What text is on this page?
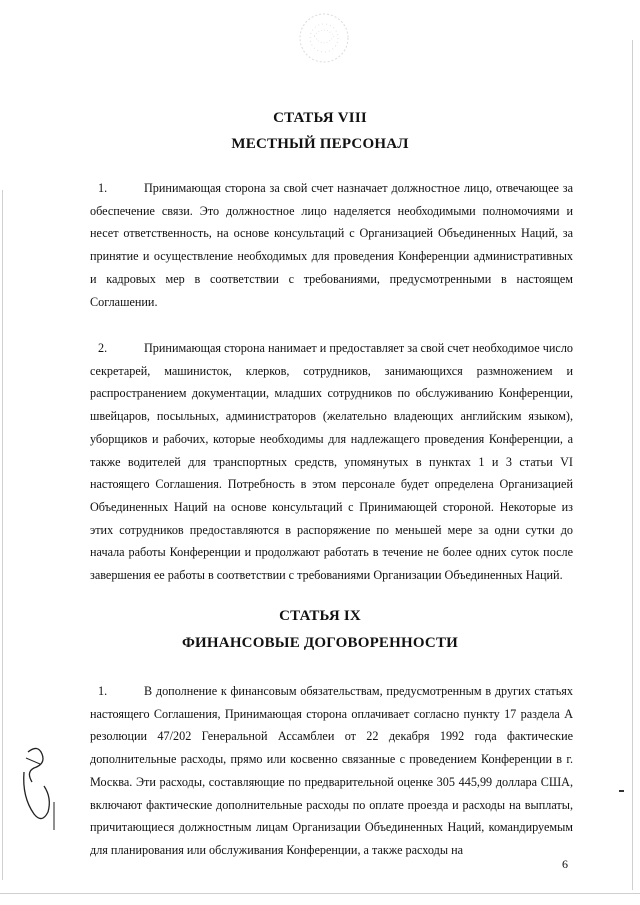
СТАТЬЯ VIII
МЕСТНЫЙ ПЕРСОНАЛ

1.	Принимающая сторона за свой счет назначает должностное лицо, отвечающее за обеспечение связи. Это должностное лицо наделяется необходимыми полномочиями и несет ответственность, на основе консультаций с Организацией Объединенных Наций, за принятие и осуществление необходимых для проведения Конференции административных и кадровых мер в соответствии с требованиями, предусмотренными в настоящем Соглашении.

2.	Принимающая сторона нанимает и предоставляет за свой счет необходимое число секретарей, машинисток, клерков, сотрудников, занимающихся размножением и распространением документации, младших сотрудников по обслуживанию Конференции, швейцаров, посыльных, администраторов (желательно владеющих английским языком), уборщиков и рабочих, которые необходимы для надлежащего проведения Конференции, а также водителей для транспортных средств, упомянутых в пунктах 1 и 3 статьи VI настоящего Соглашения. Потребность в этом персонале будет определена Организацией Объединенных Наций на основе консультаций с Принимающей стороной. Некоторые из этих сотрудников предоставляются в распоряжение по меньшей мере за одни сутки до начала работы Конференции и продолжают работать в течение не более одних суток после завершения ее работы в соответствии с требованиями Организации Объединенных Наций.

СТАТЬЯ IX
ФИНАНСОВЫЕ ДОГОВОРЕННОСТИ

1.	В дополнение к финансовым обязательствам, предусмотренным в других статьях настоящего Соглашения, Принимающая сторона оплачивает согласно пункту 17 раздела А резолюции 47/202 Генеральной Ассамблеи от 22 декабря 1992 года фактические дополнительные расходы, прямо или косвенно связанные с проведением Конференции в г. Москва. Эти расходы, составляющие по предварительной оценке 305 445,99 доллара США, включают фактические дополнительные расходы по оплате проезда и расходы на выплаты, причитающиеся должностным лицам Организации Объединенных Наций, командируемым для планирования или обслуживания Конференции, а также расходы на

6
